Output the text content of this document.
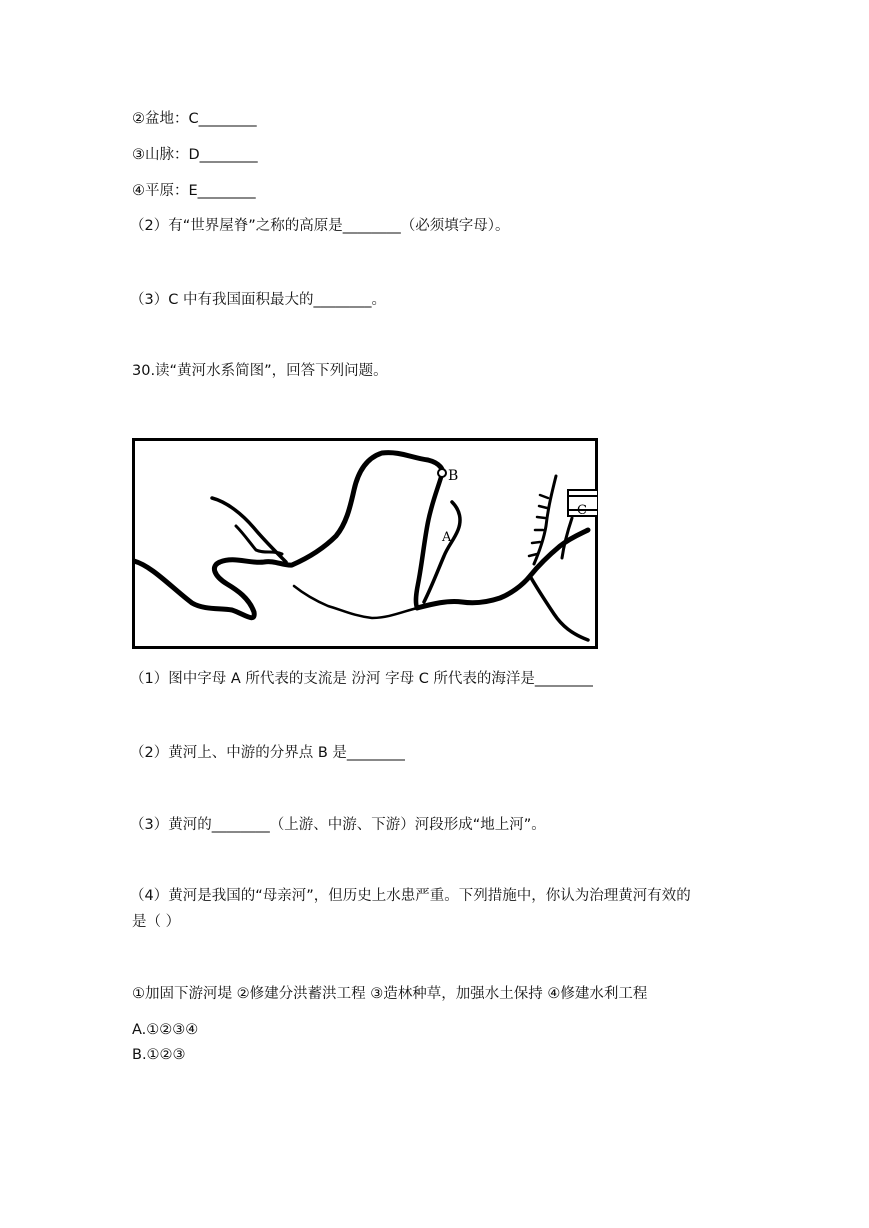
②盆地：C________
③山脉：D________
④平原：E________
（2）有“世界屋脊”之称的高原是________（必须填字母）。
（3）C 中有我国面积最大的________。
30.读“黄河水系简图”，回答下列问题。
B
A
C
（1）图中字母 A 所代表的支流是 汾河 字母 C 所代表的海洋是________
（2）黄河上、中游的分界点 B 是________
（3）黄河的________（上游、中游、下游）河段形成“地上河”。
（4）黄河是我国的“母亲河”，但历史上水患严重。下列措施中，你认为治理黄河有效的
是（ ）
①加固下游河堤 ②修建分洪蓄洪工程 ③造林种草，加强水土保持 ④修建水利工程
A.①②③④
B.①②③
